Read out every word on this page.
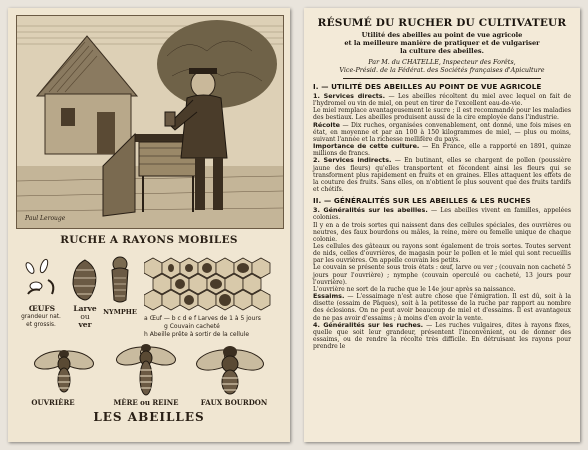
Paul Lerouge
RUCHE A RAYONS MOBILES
ŒUFS
grandeur nat. et grossis.
Larve
ou
ver
NYMPHE
a Œuf — b c d e f Larves de 1 à 5 jours
g Couvain cacheté
h Abeille prête à sortir de la cellule
OUVRIÈRE	MÈRE ou REINE	FAUX BOURDON
LES ABEILLES
RÉSUMÉ DU RUCHER DU CULTIVATEUR
Utilité des abeilles au point de vue agricole
et la meilleure manière de pratiquer et de vulgariser
la culture des abeilles.
Par M. du CHATELLE, Inspecteur des Forêts,
Vice-Présid. de la Fédérat. des Sociétés françaises d'Apiculture
I. — UTILITÉ DES ABEILLES AU POINT DE VUE AGRICOLE

1. Services directs. — Les abeilles récoltent du miel avec lequel on fait de l'hydromel ou vin de miel, on peut en tirer de l'excellent eau-de-vie.

Le miel remplace avantageusement le sucre ; il est recommandé pour les maladies des bestiaux. Les abeilles produisent aussi de la cire employée dans l'industrie.

Récolte — Dix ruches, organisées convenablement, ont donné, une fois mises en état, en moyenne et par an 100 à 150 kilogrammes de miel, — plus ou moins, suivant l'année et la richesse mellifère du pays.

Importance de cette culture. — En France, elle a rapporté en 1891, quinze millions de francs.

2. Services indirects. — En butinant, elles se chargent de pollen (poussière jaune des fleurs) qu'elles transportent et fécondent ainsi les fleurs qui se transforment plus rapidement en fruits et en graines. Elles attaquent les effets de la couture des fruits. Sans elles, on n'obtient le plus souvent que des fruits tardifs et chétifs.

II. — GÉNÉRALITÉS SUR LES ABEILLES & LES RUCHES

3. Généralités sur les abeilles. — Les abeilles vivent en familles, appelées colonies.

Il y en a de trois sortes qui naissent dans des cellules spéciales, des ouvrières ou neutres, des faux bourdons ou mâles, la reine, mère ou femelle unique de chaque colonie.

Les cellules des gâteaux ou rayons sont également de trois sortes. Toutes servent de nids, celles d'ouvrières, de magasin pour le pollen et le miel qui sont recueillis par les ouvrières. On appelle couvain les petits.

Le couvain se présente sous trois états : œuf, larve ou ver ; (couvain non cacheté 5 jours pour l'ouvrière) ; nymphe (couvain operculé ou cacheté, 13 jours pour l'ouvrière).

L'ouvrière ne sort de la ruche que le 14e jour après sa naissance.

Essaims. — L'essaimage n'est autre chose que l'émigration. Il est dû, soit à la disette (essaim de Pâques), soit à la petitesse de la ruche par rapport au nombre des éclosions. On ne peut avoir beaucoup de miel et d'essaims. Il est avantageux de ne pas avoir d'essaims ; à moins d'en avoir la vente.

4. Généralités sur les ruches. — Les ruches vulgaires, dites à rayons fixes, quelle que soit leur grandeur, présentent l'inconvénient, ou de donner des essaims, ou de rendre la récolte très difficile. En détruisant les rayons pour prendre le
